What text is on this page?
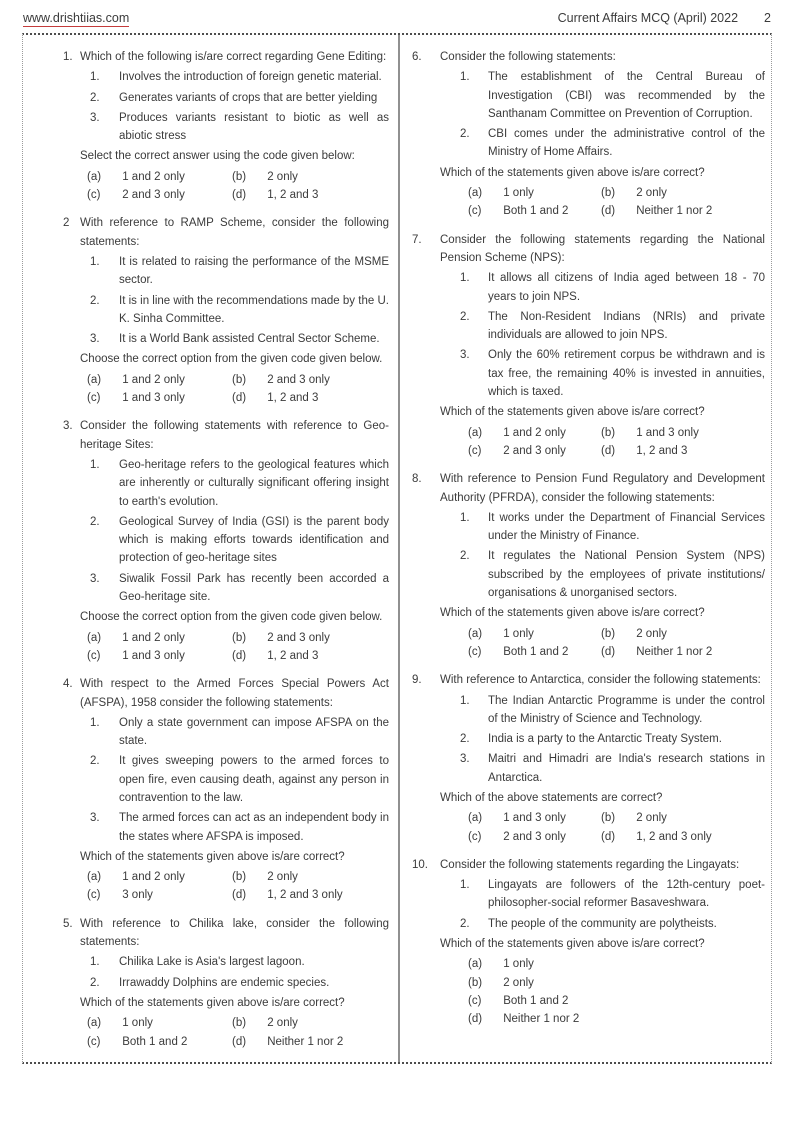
www.drishtiias.com	Current Affairs MCQ (April) 2022 2
1. Which of the following is/are correct regarding Gene Editing:
1.	Involves the introduction of foreign genetic material.
2.	Generates variants of crops that are better yielding
3.	Produces variants resistant to biotic as well as abiotic stress
Select the correct answer using the code given below:
(a) 1 and 2 only	(b) 2 only
(c) 2 and 3 only	(d) 1, 2 and 3
2 With reference to RAMP Scheme, consider the following statements:
1.	It is related to raising the performance of the MSME sector.
2.	It is in line with the recommendations made by the U. K. Sinha Committee.
3.	It is a World Bank assisted Central Sector Scheme.
Choose the correct option from the given code given below.
(a) 1 and 2 only	(b) 2 and 3 only
(c) 1 and 3 only	(d) 1, 2 and 3
3. Consider the following statements with reference to Geo-heritage Sites:
1.	Geo-heritage refers to the geological features which are inherently or culturally significant offering insight to earth's evolution.
2.	Geological Survey of India (GSI) is the parent body which is making efforts towards identification and protection of geo-heritage sites
3.	Siwalik Fossil Park has recently been accorded a Geo-heritage site.
Choose the correct option from the given code given below.
(a) 1 and 2 only	(b) 2 and 3 only
(c) 1 and 3 only	(d) 1, 2 and 3
4. With respect to the Armed Forces Special Powers Act (AFSPA), 1958 consider the following statements:
1.	Only a state government can impose AFSPA on the state.
2.	It gives sweeping powers to the armed forces to open fire, even causing death, against any person in contravention to the law.
3.	The armed forces can act as an independent body in the states where AFSPA is imposed.
Which of the statements given above is/are correct?
(a) 1 and 2 only	(b) 2 only
(c) 3 only	(d) 1, 2 and 3 only
5. With reference to Chilika lake, consider the following statements:
1.	Chilika Lake is Asia's largest lagoon.
2.	Irrawaddy Dolphins are endemic species.
Which of the statements given above is/are correct?
(a) 1 only	(b) 2 only
(c) Both 1 and 2	(d) Neither 1 nor 2
6.	Consider the following statements:
1.	The establishment of the Central Bureau of Investigation (CBI) was recommended by the Santhanam Committee on Prevention of Corruption.
2.	CBI comes under the administrative control of the Ministry of Home Affairs.
Which of the statements given above is/are correct?
(a) 1 only	(b) 2 only
(c) Both 1 and 2	(d) Neither 1 nor 2
7.	Consider the following statements regarding the National Pension Scheme (NPS):
1.	It allows all citizens of India aged between 18 - 70 years to join NPS.
2.	The Non-Resident Indians (NRIs) and private individuals are allowed to join NPS.
3.	Only the 60% retirement corpus be withdrawn and is tax free, the remaining 40% is invested in annuities, which is taxed.
Which of the statements given above is/are correct?
(a) 1 and 2 only	(b) 1 and 3 only
(c) 2 and 3 only	(d) 1, 2 and 3
8.	With reference to Pension Fund Regulatory and Development Authority (PFRDA), consider the following statements:
1.	It works under the Department of Financial Services under the Ministry of Finance.
2.	It regulates the National Pension System (NPS) subscribed by the employees of private institutions/ organisations & unorganised sectors.
Which of the statements given above is/are correct?
(a) 1 only	(b) 2 only
(c) Both 1 and 2	(d) Neither 1 nor 2
9.	With reference to Antarctica, consider the following statements:
1.	The Indian Antarctic Programme is under the control of the Ministry of Science and Technology.
2.	India is a party to the Antarctic Treaty System.
3.	Maitri and Himadri are India's research stations in Antarctica.
Which of the above statements are correct?
(a) 1 and 3 only	(b) 2 only
(c) 2 and 3 only	(d) 1, 2 and 3 only
10.	Consider the following statements regarding the Lingayats:
1.	Lingayats are followers of the 12th-century poet-philosopher-social reformer Basaveshwara.
2.	The people of the community are polytheists.
Which of the statements given above is/are correct?
(a) 1 only
(b) 2 only
(c) Both 1 and 2
(d) Neither 1 nor 2
